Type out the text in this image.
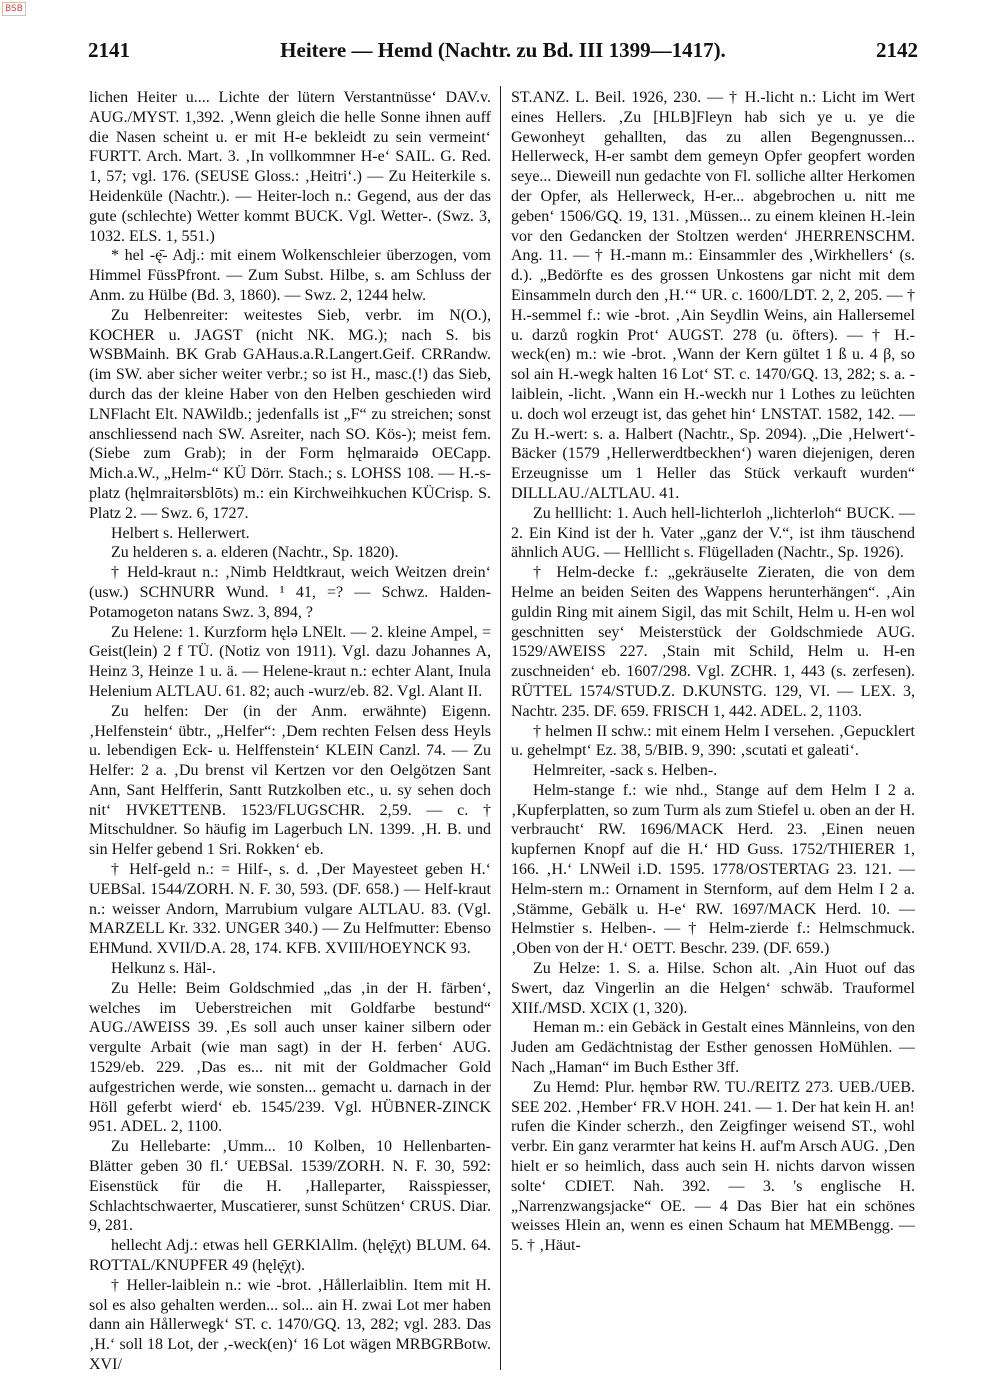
BSB
2141	Heitere — Hemd (Nachtr. zu Bd. III 1399—1417).	2142

lichen Heiter u.... Lichte der lütern Verstantnüsse‘ DAV.v. AUG./MYST. 1,392. ‚Wenn gleich die helle Sonne ihnen auff die Nasen scheint u. er mit H-e bekleidt zu sein vermeint‘ FURTT. Arch. Mart. 3. ‚In vollkommner H-e‘ SAIL. G. Red. 1, 57; vgl. 176. (SEUSE Gloss.: ‚Heitri‘.) — Zu Heiterkile s. Heidenküle (Nachtr.). — Heiter-loch n.: Gegend, aus der das gute (schlechte) Wetter kommt BUCK. Vgl. Wetter-. (Swz. 3, 1032. ELS. 1, 551.)

* hel -ę̄- Adj.: mit einem Wolkenschleier überzogen, vom Himmel FüssPfront. — Zum Subst. Hilbe, s. am Schluss der Anm. zu Hülbe (Bd. 3, 1860). — Swz. 2, 1244 helw.

Zu Helbenreiter: weitestes Sieb, verbr. im N(O.), KOCHER u. JAGST (nicht NK. MG.); nach S. bis WSBMainh. BK Grab GAHaus.a.R.Langert.Geif. CRRandw. (im SW. aber sicher weiter verbr.; so ist H., masc.(!) das Sieb, durch das der kleine Haber von den Helben geschieden wird LNFlacht Elt. NAWildb.; jedenfalls ist „F“ zu streichen; sonst anschliessend nach SW. Asreiter, nach SO. Kös-); meist fem. (Siebe zum Grab); in der Form hęlmaraidə OECapp. Mich.a.W., „Helm-“ KÜ Dörr. Stach.; s. LOHSS 108. — H.-s-platz (hęlmraitərsblōts) m.: ein Kirchweihkuchen KÜCrisp. S. Platz 2. — Swz. 6, 1727.

Helbert s. Hellerwert.

Zu helderen s. a. elderen (Nachtr., Sp. 1820).

† Held-kraut n.: ‚Nimb Heldtkraut, weich Weitzen drein‘ (usw.) SCHNURR Wund. ¹ 41, =? — Schwz. Halden- Potamogeton natans Swz. 3, 894, ?

Zu Helene: 1. Kurzform hęlə LNElt. — 2. kleine Ampel, = Geist(lein) 2 f TÜ. (Notiz von 1911). Vgl. dazu Johannes A, Heinz 3, Heinze 1 u. ä. — Helene-kraut n.: echter Alant, Inula Helenium ALTLAU. 61. 82; auch -wurz/eb. 82. Vgl. Alant II.

Zu helfen: Der (in der Anm. erwähnte) Eigenn. ‚Helfenstein‘ übtr., „Helfer“: ‚Dem rechten Felsen dess Heyls u. lebendigen Eck- u. Helffenstein‘ KLEIN Canzl. 74. — Zu Helfer: 2 a. ‚Du brenst vil Kertzen vor den Oelgötzen Sant Ann, Sant Helfferin, Santt Rutzkolben etc., u. sy sehen doch nit‘ HVKETTENB. 1523/FLUGSCHR. 2,59. — c. † Mitschuldner. So häufig im Lagerbuch LN. 1399. ‚H. B. und sin Helfer gebend 1 Sri. Rokken‘ eb.

† Helf-geld n.: = Hilf-, s. d. ‚Der Mayesteet geben H.‘ UEBSal. 1544/ZORH. N. F. 30, 593. (DF. 658.) — Helf-kraut n.: weisser Andorn, Marrubium vulgare ALTLAU. 83. (Vgl. MARZELL Kr. 332. UNGER 340.) — Zu Helfmutter: Ebenso EHMund. XVII/D.A. 28, 174. KFB. XVIII/HOEYNCK 93.

Helkunz s. Häl-.

Zu Helle: Beim Goldschmied „das ‚in der H. färben‘, welches im Ueberstreichen mit Goldfarbe bestund“ AUG./AWEISS 39. ‚Es soll auch unser kainer silbern oder vergulte Arbait (wie man sagt) in der H. ferben‘ AUG. 1529/eb. 229. ‚Das es... nit mit der Goldmacher Gold aufgestrichen werde, wie sonsten... gemacht u. darnach in der Höll geferbt wierd‘ eb. 1545/239. Vgl. HÜBNER-ZINCK 951. ADEL. 2, 1100.

Zu Hellebarte: ‚Umm... 10 Kolben, 10 Hellenbarten-Blätter geben 30 fl.‘ UEBSal. 1539/ZORH. N. F. 30, 592: Eisenstück für die H. ‚Halleparter, Raisspiesser, Schlachtschwaerter, Muscatierer, sunst Schützen‘ CRUS. Diar. 9, 281.

hellecht Adj.: etwas hell GERKlAllm. (hęlę̄χt) BLUM. 64. ROTTAL/KNUPFER 49 (hęlę̄χt).

† Heller-laiblein n.: wie -brot. ‚Hållerlaiblin. Item mit H. sol es also gehalten werden... sol... ain H. zwai Lot mer haben dann ain Hållerwegk‘ ST. c. 1470/GQ. 13, 282; vgl. 283. Das ‚H.‘ soll 18 Lot, der ‚-weck(en)‘ 16 Lot wägen MRBGRBotw. XVI/

ST.ANZ. L. Beil. 1926, 230. — † H.-licht n.: Licht im Wert eines Hellers. ‚Zu [HLB]Fleyn hab sich ye u. ye die Gewonheyt gehallten, das zu allen Begengnussen... Hellerweck, H-er sambt dem gemeyn Opfer geopfert worden seye... Dieweill nun gedachte von Fl. solliche allter Herkomen der Opfer, als Hellerweck, H-er... abgebrochen u. nitt me geben‘ 1506/GQ. 19, 131. ‚Müssen... zu einem kleinen H.-lein vor den Gedancken der Stoltzen werden‘ JHERRENSCHM. Ang. 11. — † H.-mann m.: Einsammler des ‚Wirkhellers‘ (s. d.). „Bedörfte es des grossen Unkostens gar nicht mit dem Einsammeln durch den ‚H.‘“ UR. c. 1600/LDT. 2, 2, 205. — † H.-semmel f.: wie -brot. ‚Ain Seydlin Weins, ain Hallersemel u. darzů rogkin Prot‘ AUGST. 278 (u. öfters). — † H.-weck(en) m.: wie -brot. ‚Wann der Kern gültet 1 ß u. 4 β, so sol ain H.-wegk halten 16 Lot‘ ST. c. 1470/GQ. 13, 282; s. a. -laiblein, -licht. ‚Wann ein H.-weckh nur 1 Lothes zu leüchten u. doch wol erzeugt ist, das gehet hin‘ LNSTAT. 1582, 142. — Zu H.-wert: s. a. Halbert (Nachtr., Sp. 2094). „Die ‚Helwert‘-Bäcker (1579 ‚Hellerwerdtbeckhen‘) waren diejenigen, deren Erzeugnisse um 1 Heller das Stück verkauft wurden“ DILLLAU./ALTLAU. 41.

Zu helllicht: 1. Auch hell-lichterloh „lichterloh“ BUCK. — 2. Ein Kind ist der h. Vater „ganz der V.“, ist ihm täuschend ähnlich AUG. — Helllicht s. Flügelladen (Nachtr., Sp. 1926).

† Helm-decke f.: „gekräuselte Zieraten, die von dem Helme an beiden Seiten des Wappens herunterhängen“. ‚Ain guldin Ring mit ainem Sigil, das mit Schilt, Helm u. H-en wol geschnitten sey‘ Meisterstück der Goldschmiede AUG. 1529/AWEISS 227. ‚Stain mit Schild, Helm u. H-en zuschneiden‘ eb. 1607/298. Vgl. ZCHR. 1, 443 (s. zerfesen). RÜTTEL 1574/STUD.Z. D.KUNSTG. 129, VI. — LEX. 3, Nachtr. 235. DF. 659. FRISCH 1, 442. ADEL. 2, 1103.

† helmen II schw.: mit einem Helm I versehen. ‚Gepucklert u. gehelmpt‘ Ez. 38, 5/BIB. 9, 390: ‚scutati et galeati‘.

Helmreiter, -sack s. Helben-.

Helm-stange f.: wie nhd., Stange auf dem Helm I 2 a. ‚Kupferplatten, so zum Turm als zum Stiefel u. oben an der H. verbraucht‘ RW. 1696/MACK Herd. 23. ‚Einen neuen kupfernen Knopf auf die H.‘ HD Guss. 1752/THIERER 1, 166. ‚H.‘ LNWeil i.D. 1595. 1778/OSTERTAG 23. 121. — Helm-stern m.: Ornament in Sternform, auf dem Helm I 2 a. ‚Stämme, Gebälk u. H-e‘ RW. 1697/MACK Herd. 10. — Helmstier s. Helben-. — † Helm-zierde f.: Helmschmuck. ‚Oben von der H.‘ OETT. Beschr. 239. (DF. 659.)

Zu Helze: 1. S. a. Hilse. Schon alt. ‚Ain Huot ouf das Swert, daz Vingerlin an die Helgen‘ schwäb. Trauformel XIIf./MSD. XCIX (1, 320).

Heman m.: ein Gebäck in Gestalt eines Männleins, von den Juden am Gedächtnistag der Esther genossen HoMühlen. — Nach „Haman“ im Buch Esther 3ff.

Zu Hemd: Plur. hęmbər RW. TU./REITZ 273. UEB./UEB. SEE 202. ‚Hember‘ FR.V HOH. 241. — 1. Der hat kein H. an! rufen die Kinder scherzh., den Zeigfinger weisend ST., wohl verbr. Ein ganz verarmter hat keins H. auf'm Arsch AUG. ‚Den hielt er so heimlich, dass auch sein H. nichts darvon wissen solte‘ CDIET. Nah. 392. — 3. 's englische H. „Narrenzwangsjacke“ OE. — 4 Das Bier hat ein schönes weisses Hlein an, wenn es einen Schaum hat MEMBengg. — 5. † ‚Häut-
